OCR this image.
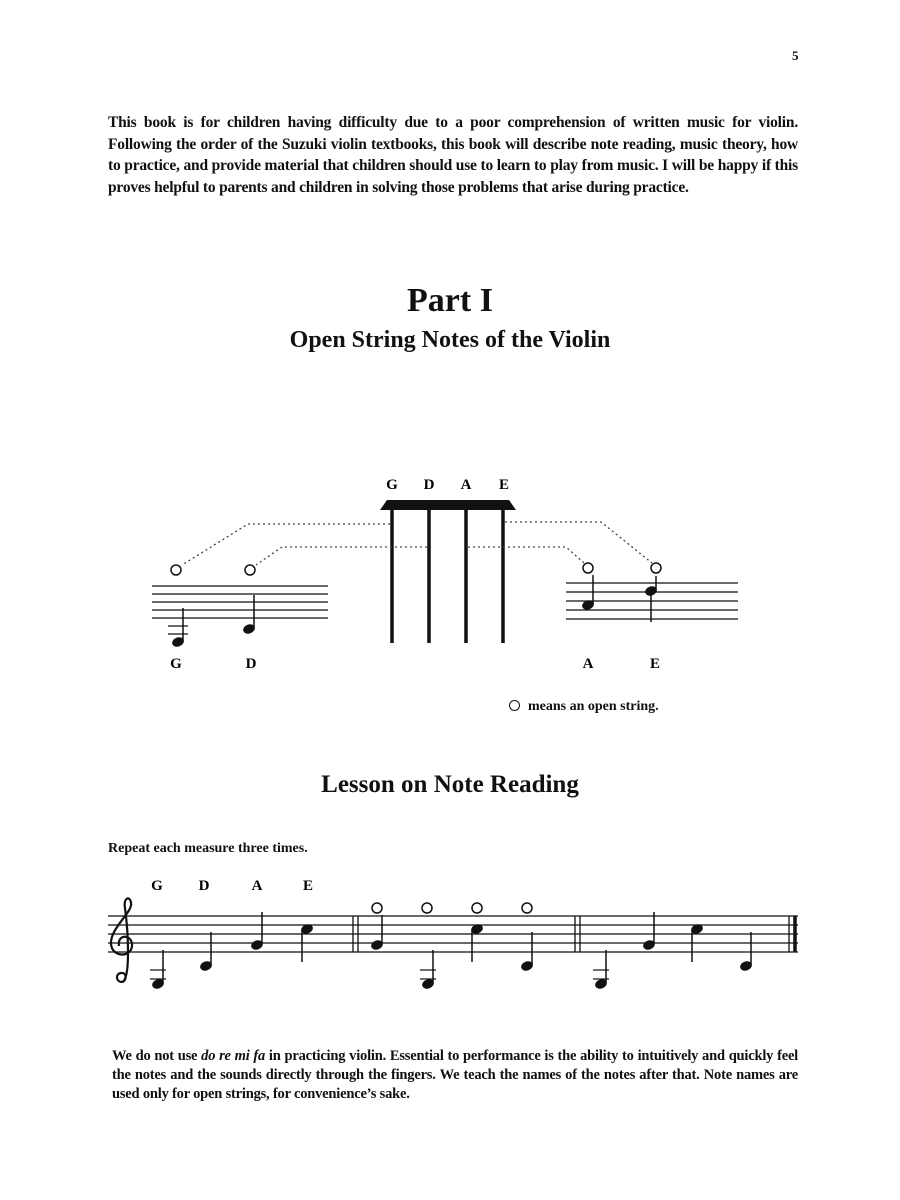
5
This book is for children having difficulty due to a poor comprehension of written music for violin. Following the order of the Suzuki violin textbooks, this book will describe note reading, music theory, how to practice, and provide material that children should use to learn to play from music. I will be happy if this proves helpful to parents and children in solving those problems that arise during practice.
Part I
Open String Notes of the Violin
G D A E
G	D	A	E
G D	A	E
means an open string.
Lesson on Note Reading
Repeat each measure three times.
We do not use do re mi fa in practicing violin. Essential to performance is the ability to intuitively and quickly feel the notes and the sounds directly through the fingers. We teach the names of the notes after that. Note names are used only for open strings, for convenience’s sake.
